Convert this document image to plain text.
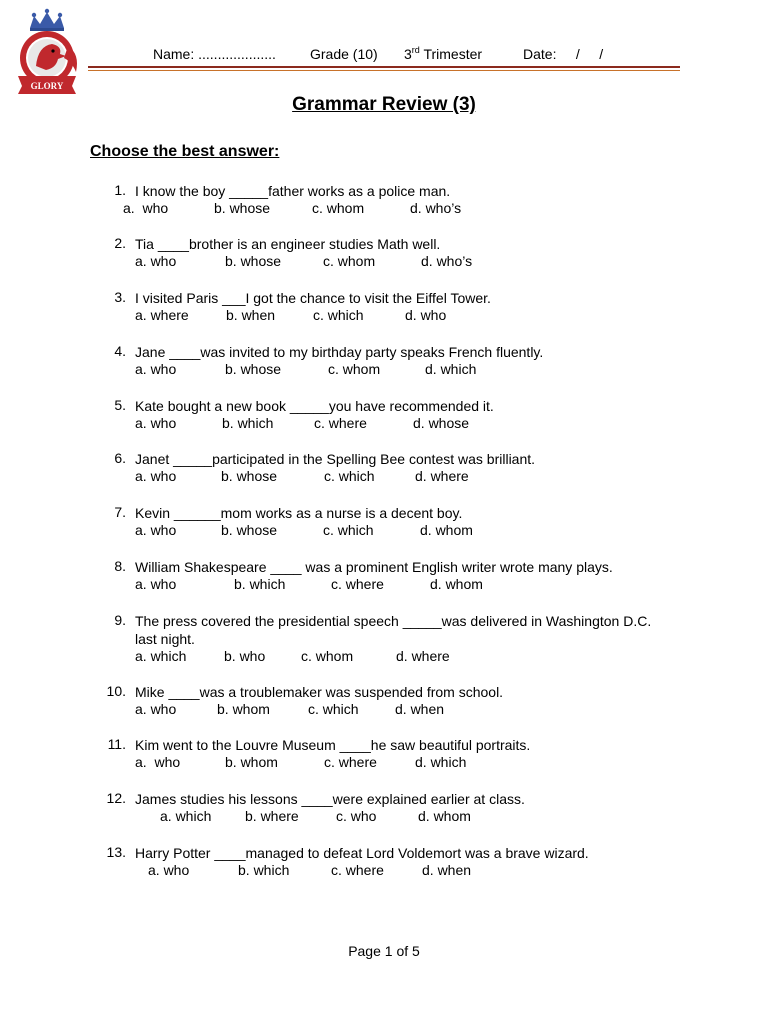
GLORY
Name: .................... Grade (10) 3rd Trimester	Date:     /     /
Grammar Review (3)
Choose the best answer:
1. I know the boy _____father works as a police man.
a.  who	b. whose	c. whom	d. who’s
2. Tia ____brother is an engineer studies Math well.
a. who	b. whose	c. whom	d. who’s
3. I visited Paris ___I got the chance to visit the Eiffel Tower.
a. where	b. when	c. which	d. who
4. Jane ____was invited to my birthday party speaks French fluently.
a. who	b. whose	c. whom	d. which
5. Kate bought a new book _____you have recommended it.
a. who	b. which	c. where	d. whose
6. Janet _____participated in the Spelling Bee contest was brilliant.
a. who	b. whose	c. which	d. where
7. Kevin ______mom works as a nurse is a decent boy.
a. who	b. whose	c. which	d. whom
8. William Shakespeare ____ was a prominent English writer wrote many plays.
a. who	b. which	c. where	d. whom
9. The press covered the presidential speech _____was delivered in Washington D.C. last night.
a. which	b. who	c. whom	d. where
10. Mike ____was a troublemaker was suspended from school.
a. who	b. whom	c. which	d. when
11. Kim went to the Louvre Museum ____he saw beautiful portraits.
a.  who	b. whom	c. where	d. which
12. James studies his lessons ____were explained earlier at class.
a. which b. where	c. who	d. whom
13. Harry Potter ____managed to defeat Lord Voldemort was a brave wizard.
a. who	b. which	c. where	d. when
Page 1 of 5
